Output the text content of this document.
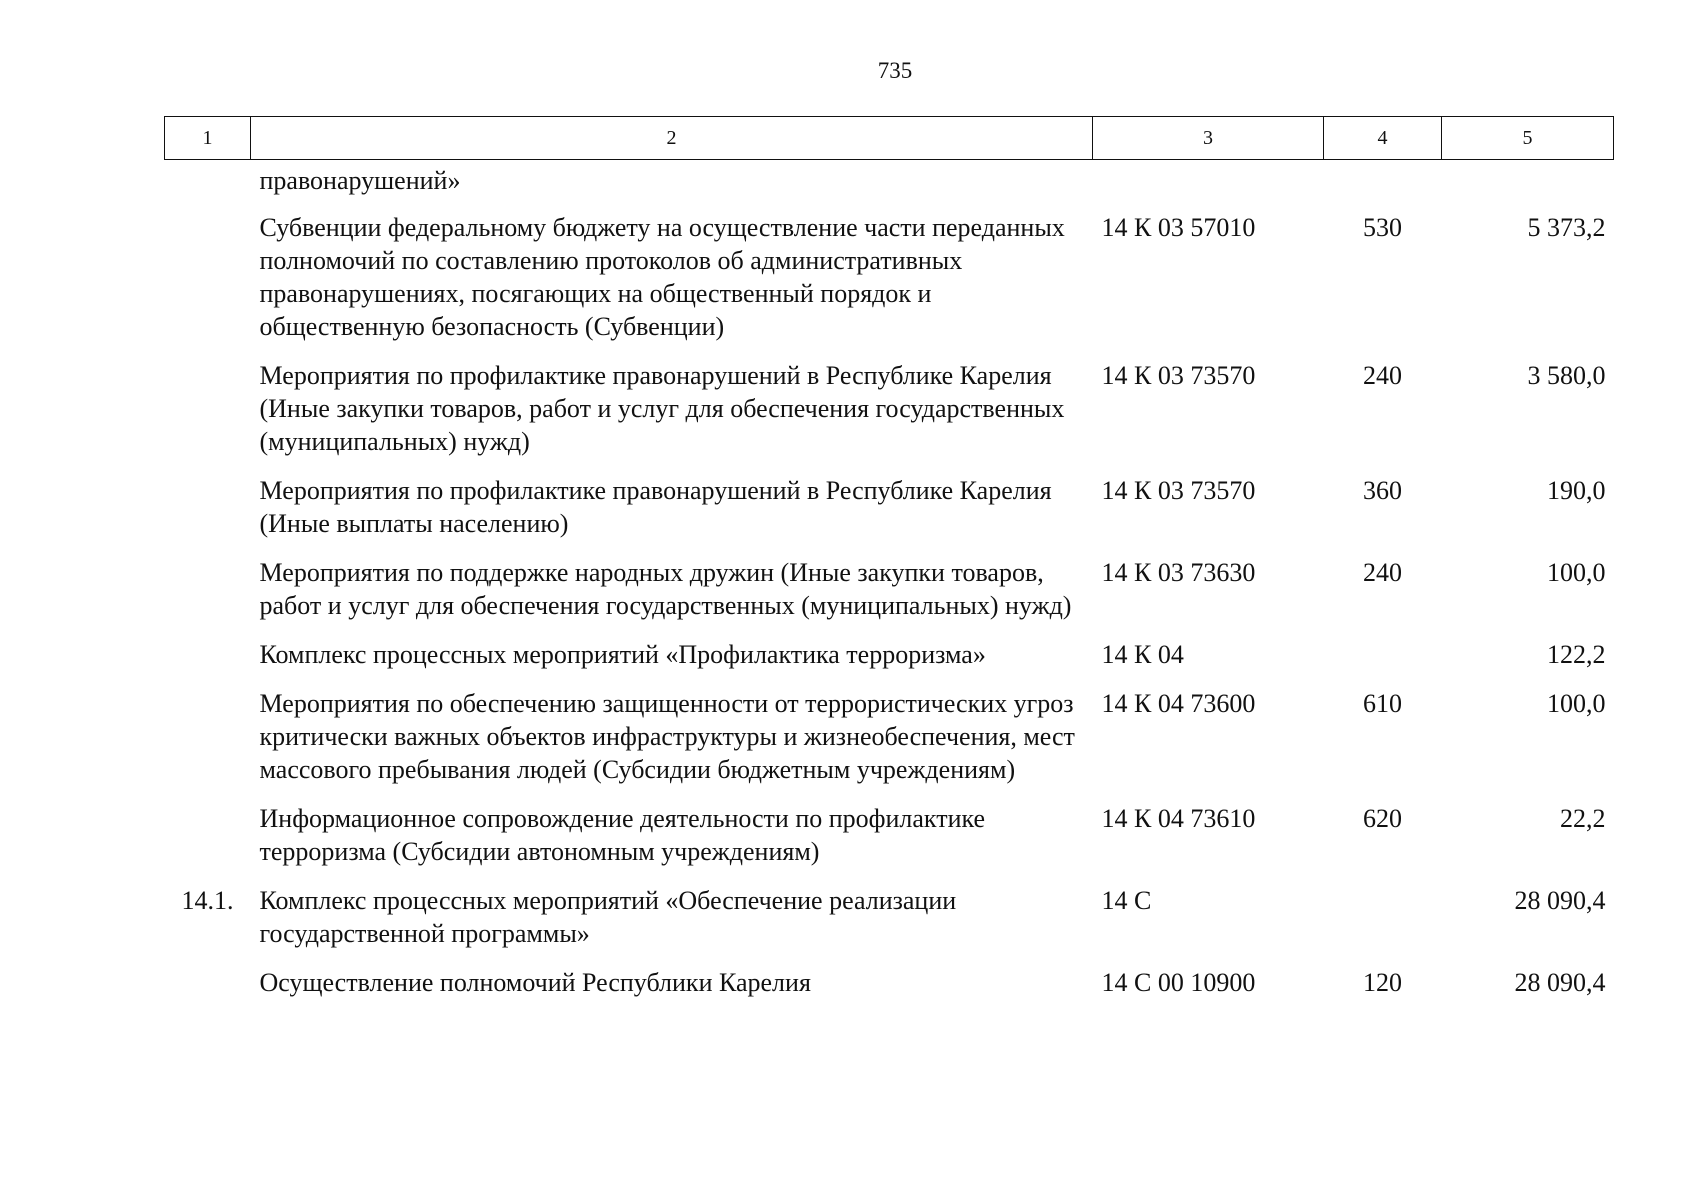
735
1	2	3	4	5
	правонарушений»			
	Субвенции федеральному бюджету на осуществление части переданных полномочий по составлению протоколов об административных правонарушениях, посягающих на общественный порядок и общественную безопасность (Субвенции)	14 К 03 57010	530	5 373,2
	Мероприятия по профилактике правонарушений в Республике Карелия (Иные закупки товаров, работ и услуг для обеспечения государственных (муниципальных) нужд)	14 К 03 73570	240	3 580,0
	Мероприятия по профилактике правонарушений в Республике Карелия (Иные выплаты населению)	14 К 03 73570	360	190,0
	Мероприятия по поддержке народных дружин (Иные закупки товаров, работ и услуг для обеспечения государственных (муниципальных) нужд)	14 К 03 73630	240	100,0
	Комплекс процессных мероприятий «Профилактика терроризма»	14 К 04		122,2
	Мероприятия по обеспечению защищенности от террористических угроз критически важных объектов инфраструктуры и жизнеобеспечения, мест массового пребывания людей (Субсидии бюджетным учреждениям)	14 К 04 73600	610	100,0
	Информационное сопровождение деятельности по профилактике терроризма (Субсидии автономным учреждениям)	14 К 04 73610	620	22,2
14.1.	Комплекс процессных мероприятий «Обеспечение реализации государственной программы»	14 С		28 090,4
	Осуществление полномочий Республики Карелия	14 С 00 10900	120	28 090,4
